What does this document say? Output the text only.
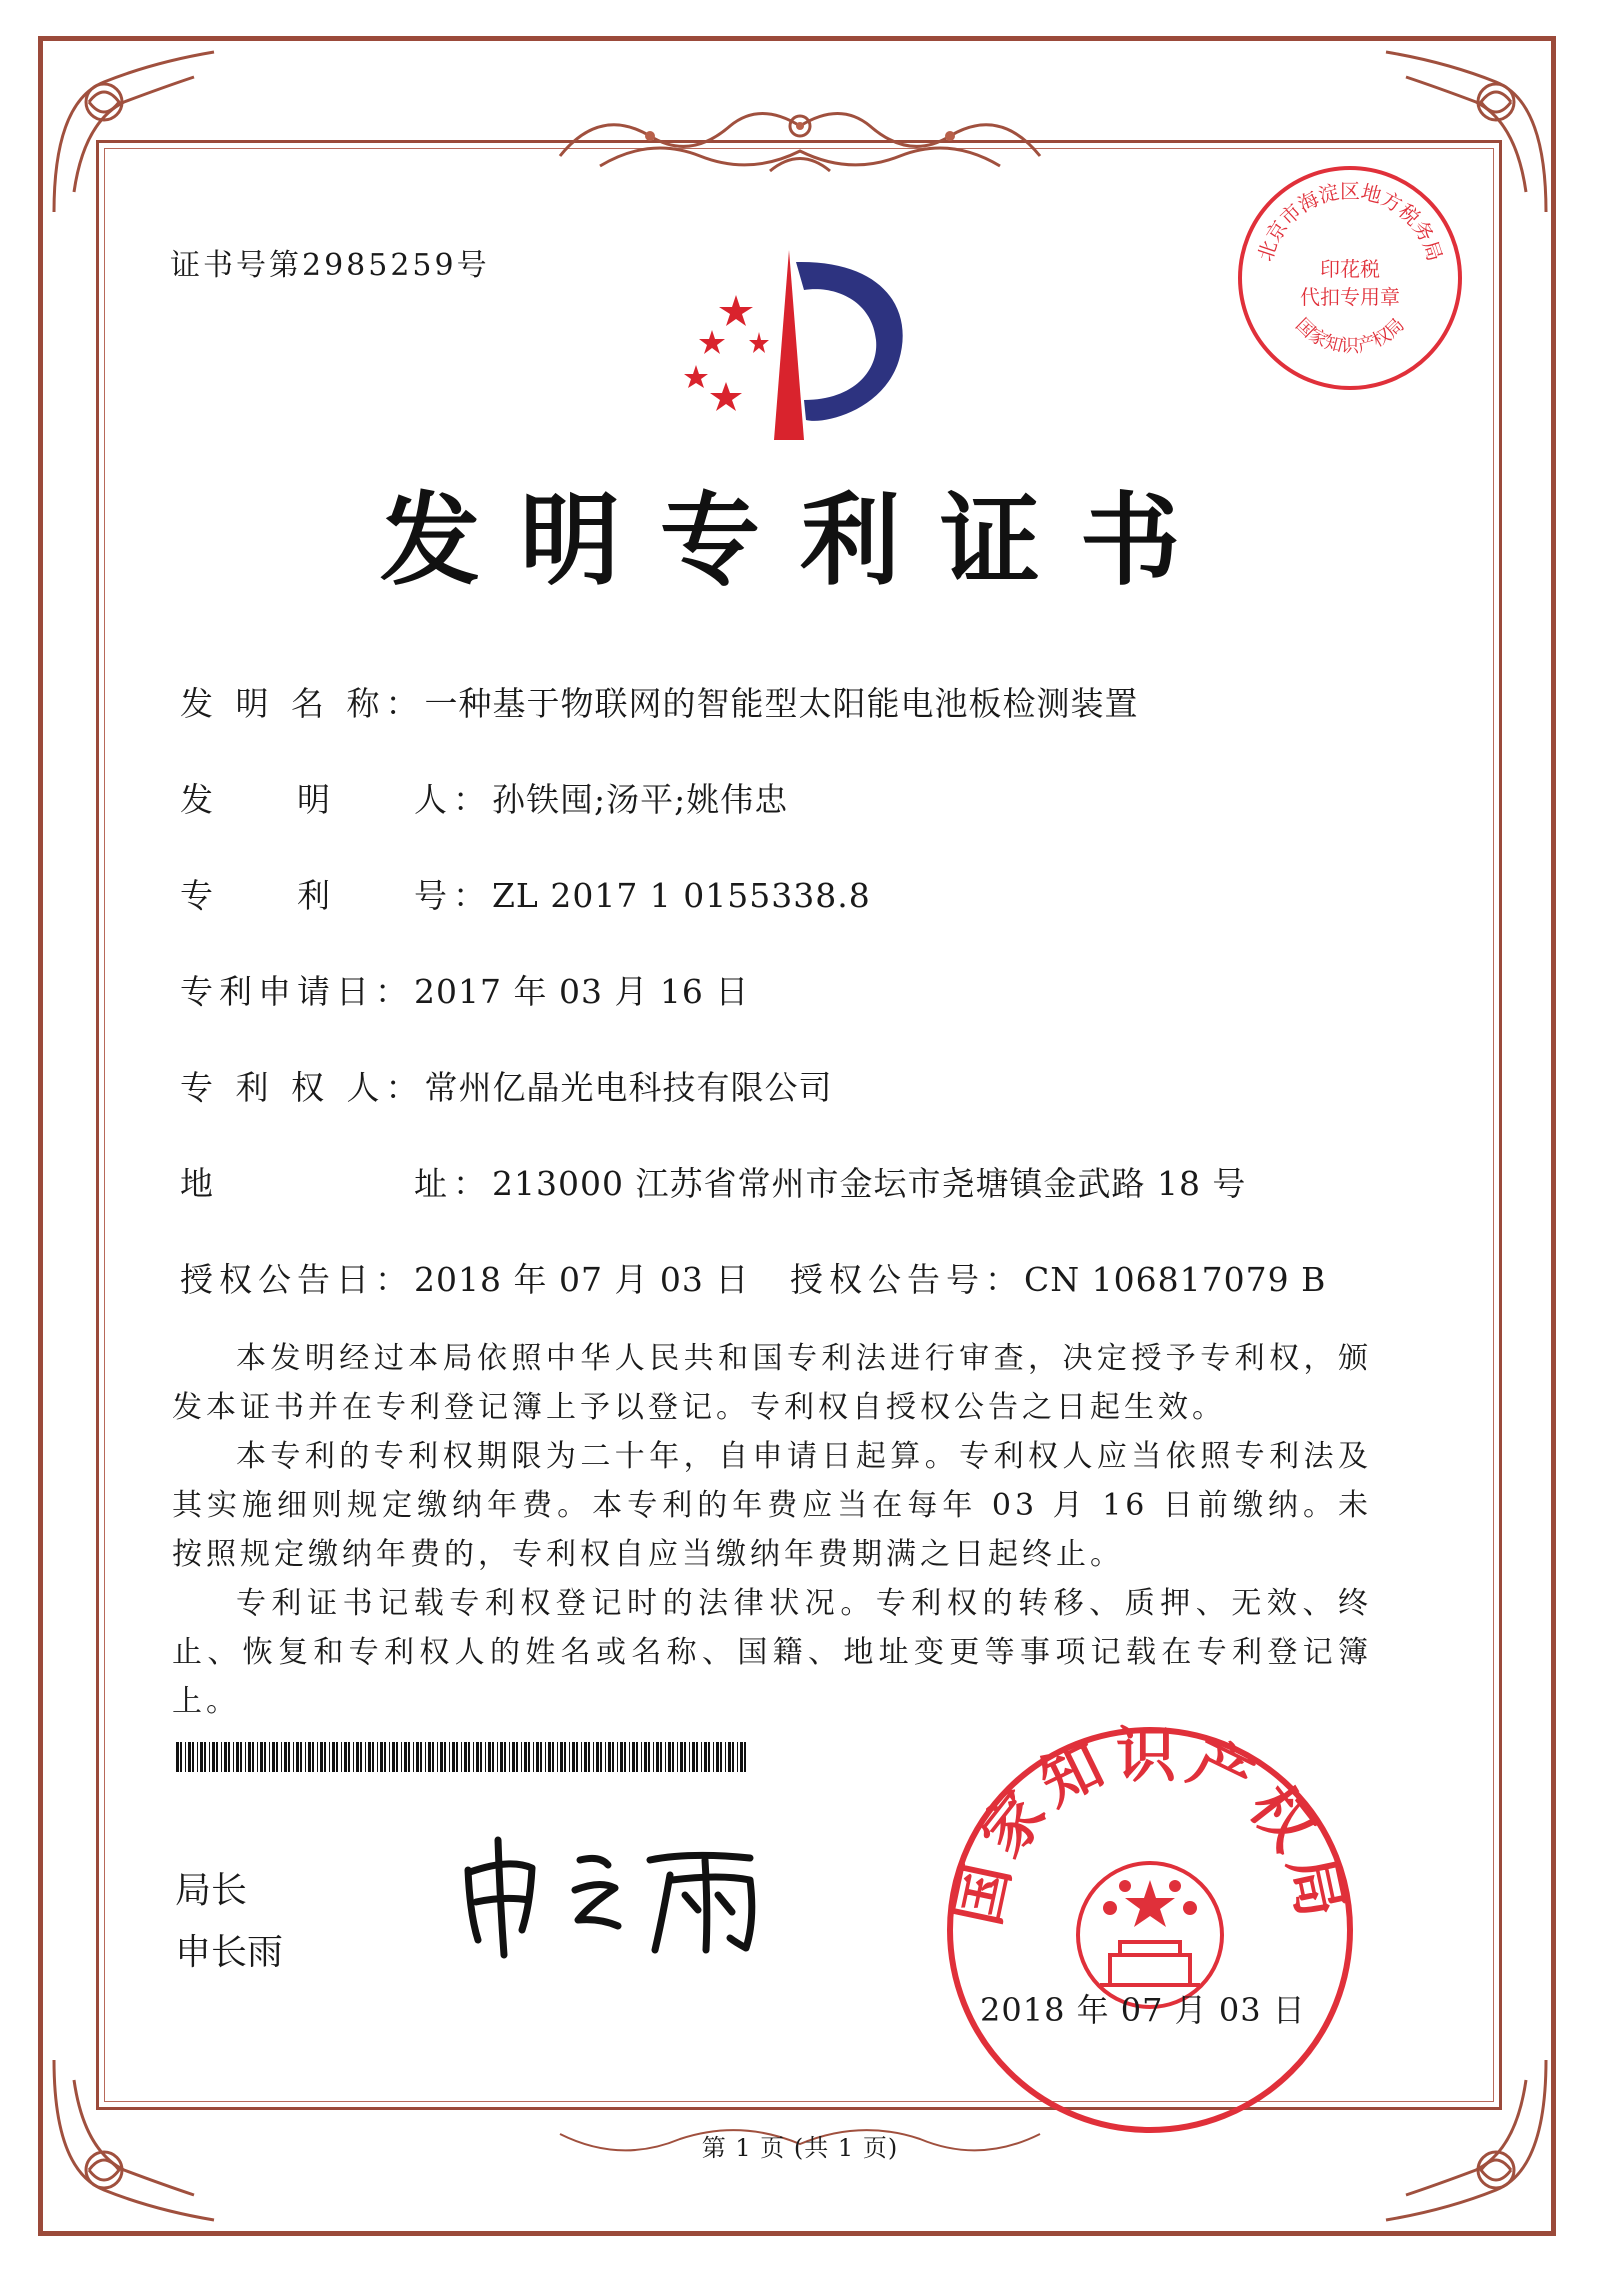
证书号第2985259号	北京市海淀区地方税务局
印花税
代扣专用章
国家知识产权局
发明专利证书
发 明 名 称：一种基于物联网的智能型太阳能电池板检测装置
发　　明　　人：孙铁囤;汤平;姚伟忠
专　　利　　号：ZL 2017 1 0155338.8
专利申请日：2017 年 03 月 16 日
专 利 权 人：常州亿晶光电科技有限公司
地　　　　　址：213000 江苏省常州市金坛市尧塘镇金武路 18 号
授权公告日：2018 年 07 月 03 日 授权公告号：CN 106817079 B

本发明经过本局依照中华人民共和国专利法进行审查，决定授予专利权，颁发本证书并在专利登记簿上予以登记。专利权自授权公告之日起生效。

本专利的专利权期限为二十年，自申请日起算。专利权人应当依照专利法及其实施细则规定缴纳年费。本专利的年费应当在每年 03 月 16 日前缴纳。未按照规定缴纳年费的，专利权自应当缴纳年费期满之日起终止。

专利证书记载专利权登记时的法律状况。专利权的转移、质押、无效、终止、恢复和专利权人的姓名或名称、国籍、地址变更等事项记载在专利登记簿上。

局长
申长雨
国家知识产权局
2018 年 07 月 03 日
第 1 页 (共 1 页)
